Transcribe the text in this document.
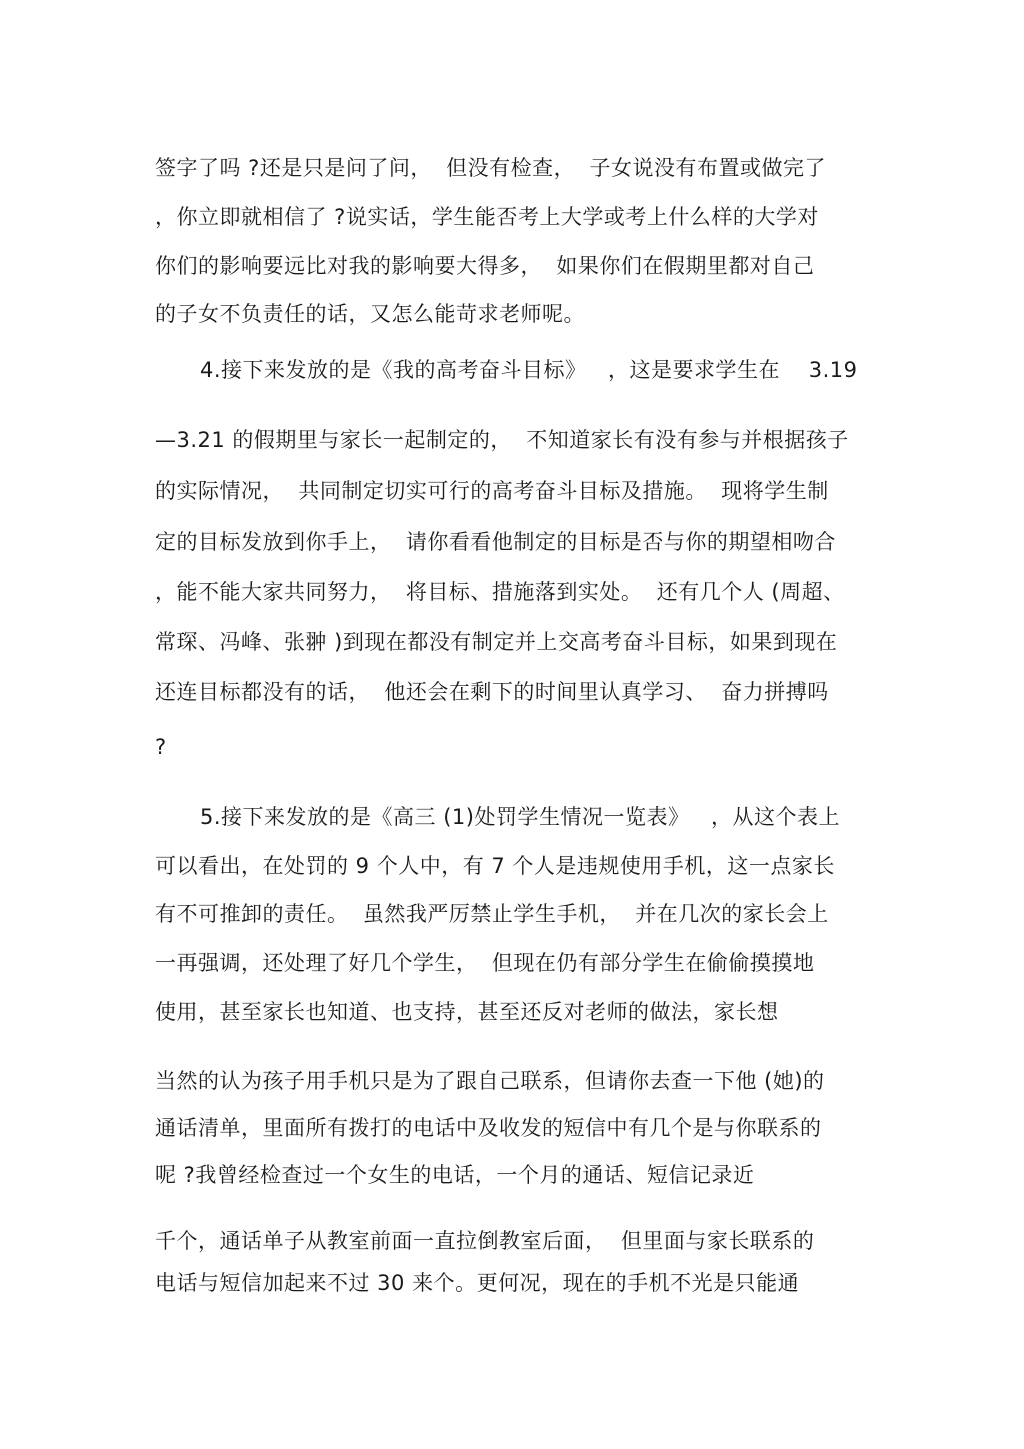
签字了吗 ?还是只是问了问，  但没有检查，  子女说没有布置或做完了
，你立即就相信了 ?说实话，学生能否考上大学或考上什么样的大学对
你们的影响要远比对我的影响要大得多，  如果你们在假期里都对自己
的子女不负责任的话，又怎么能苛求老师呢。
4.接下来发放的是《我的高考奋斗目标》   ，这是要求学生在    3.19
—3.21 的假期里与家长一起制定的，  不知道家长有没有参与并根据孩子
的实际情况，  共同制定切实可行的高考奋斗目标及措施。  现将学生制
定的目标发放到你手上，  请你看看他制定的目标是否与你的期望相吻合
，能不能大家共同努力，  将目标、措施落到实处。  还有几个人 (周超、
常琛、冯峰、张翀 )到现在都没有制定并上交高考奋斗目标，如果到现在
还连目标都没有的话，  他还会在剩下的时间里认真学习、  奋力拼搏吗
?
5.接下来发放的是《高三 (1)处罚学生情况一览表》   ，从这个表上
可以看出，在处罚的 9 个人中，有 7 个人是违规使用手机，这一点家长
有不可推卸的责任。  虽然我严厉禁止学生手机，  并在几次的家长会上
一再强调，还处理了好几个学生，  但现在仍有部分学生在偷偷摸摸地
使用，甚至家长也知道、也支持，甚至还反对老师的做法，家长想
当然的认为孩子用手机只是为了跟自己联系，但请你去查一下他 (她)的
通话清单，里面所有拨打的电话中及收发的短信中有几个是与你联系的
呢 ?我曾经检查过一个女生的电话，一个月的通话、短信记录近
千个，通话单子从教室前面一直拉倒教室后面，  但里面与家长联系的
电话与短信加起来不过 30 来个。更何况，现在的手机不光是只能通
